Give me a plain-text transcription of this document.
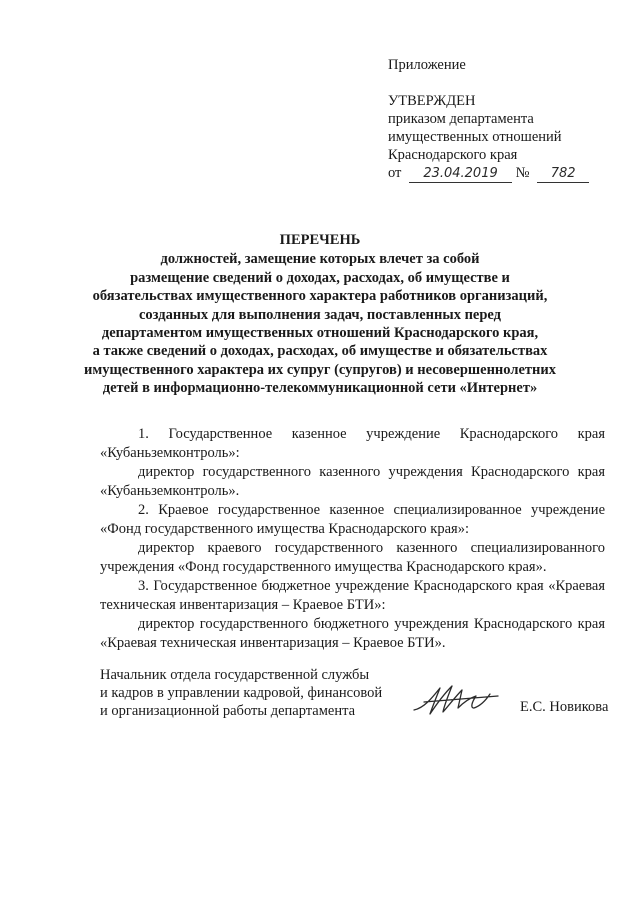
Приложение
УТВЕРЖДЕН
приказом департамента
имущественных отношений
Краснодарского края
от 23.04.2019 № 782
ПЕРЕЧЕНЬ
должностей, замещение которых влечет за собой
размещение сведений о доходах, расходах, об имуществе и
обязательствах имущественного характера работников организаций,
созданных для выполнения задач, поставленных перед
департаментом имущественных отношений Краснодарского края,
а также сведений о доходах, расходах, об имуществе и обязательствах
имущественного характера их супруг (супругов) и несовершеннолетних
детей в информационно-телекоммуникационной сети «Интернет»

1. Государственное казенное учреждение Краснодарского края «Кубаньземконтроль»:

директор государственного казенного учреждения Краснодарского края «Кубаньземконтроль».

2. Краевое государственное казенное специализированное учреждение «Фонд государственного имущества Краснодарского края»:

директор краевого государственного казенного специализированного учреждения «Фонд государственного имущества Краснодарского края».

3. Государственное бюджетное учреждение Краснодарского края «Краевая техническая инвентаризация – Краевое БТИ»:

директор государственного бюджетного учреждения Краснодарского края «Краевая техническая инвентаризация – Краевое БТИ».

Начальник отдела государственной службы
и кадров в управлении кадровой, финансовой
и организационной работы департамента	Е.С. Новикова
